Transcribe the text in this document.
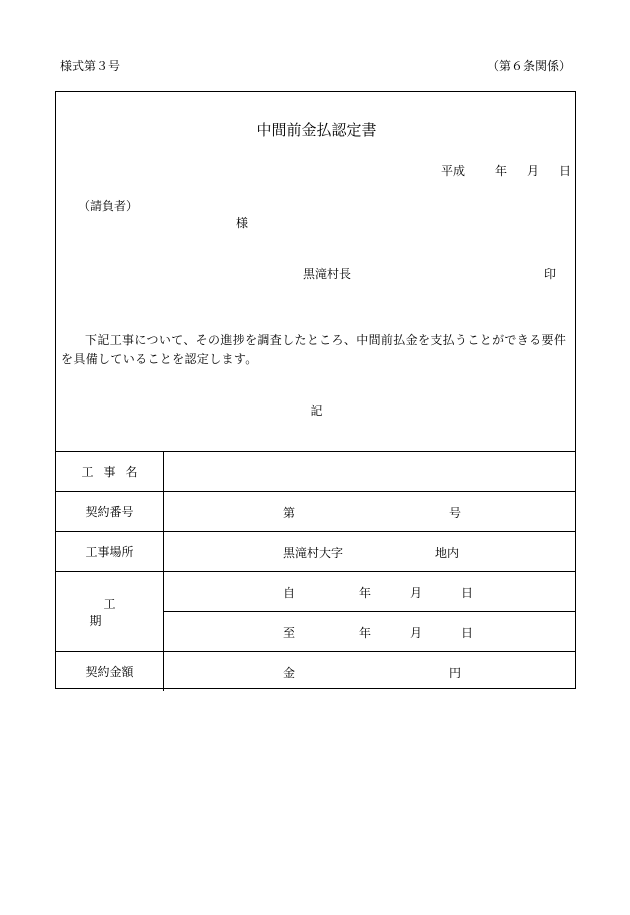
様式第３号	（第６条関係）
中間前金払認定書
平成 年 月 日
（請負者）
様
黒滝村長	印
下記工事について、その進捗を調査したところ、中間前払金を支払うことができる要件を具備していることを認定します。
記
工事名	
契約番号	第 号

工事場所	黒滝村大字 地内

工期	自 年 月 日

	至 年 月 日

契約金額	金 円
